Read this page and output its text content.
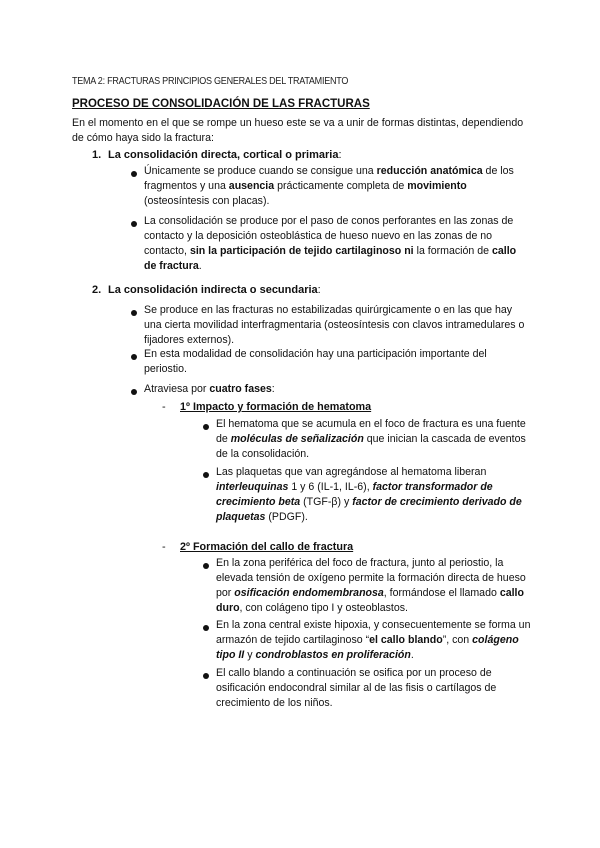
TEMA 2: FRACTURAS PRINCIPIOS GENERALES DEL TRATAMIENTO
PROCESO DE CONSOLIDACIÓN DE LAS FRACTURAS
En el momento en el que se rompe un hueso este se va a unir de formas distintas, dependiendo de cómo haya sido la fractura:
1. La consolidación directa, cortical o primaria:
Únicamente se produce cuando se consigue una reducción anatómica de los fragmentos y una ausencia prácticamente completa de movimiento (osteosíntesis con placas).
La consolidación se produce por el paso de conos perforantes en las zonas de contacto y la deposición osteoblástica de hueso nuevo en las zonas de no contacto, sin la participación de tejido cartilaginoso ni la formación de callo de fractura.
2. La consolidación indirecta o secundaria:
Se produce en las fracturas no estabilizadas quirúrgicamente o en las que hay una cierta movilidad interfragmentaria (osteosíntesis con clavos intramedulares o fijadores externos).
En esta modalidad de consolidación hay una participación importante del periostio.
Atraviesa por cuatro fases:
- 1º Impacto y formación de hematoma
El hematoma que se acumula en el foco de fractura es una fuente de moléculas de señalización que inician la cascada de eventos de la consolidación.
Las plaquetas que van agregándose al hematoma liberan interleuquinas 1 y 6 (IL-1, IL-6), factor transformador de crecimiento beta (TGF-β) y factor de crecimiento derivado de plaquetas (PDGF).
- 2º Formación del callo de fractura
En la zona periférica del foco de fractura, junto al periostio, la elevada tensión de oxígeno permite la formación directa de hueso por osificación endomembranosa, formándose el llamado callo duro, con colágeno tipo I y osteoblastos.
En la zona central existe hipoxia, y consecuentemente se forma un armazón de tejido cartilaginoso “el callo blando”, con colágeno tipo II y condroblastos en proliferación.
El callo blando a continuación se osifica por un proceso de osificación endocondral similar al de las fisis o cartílagos de crecimiento de los niños.
